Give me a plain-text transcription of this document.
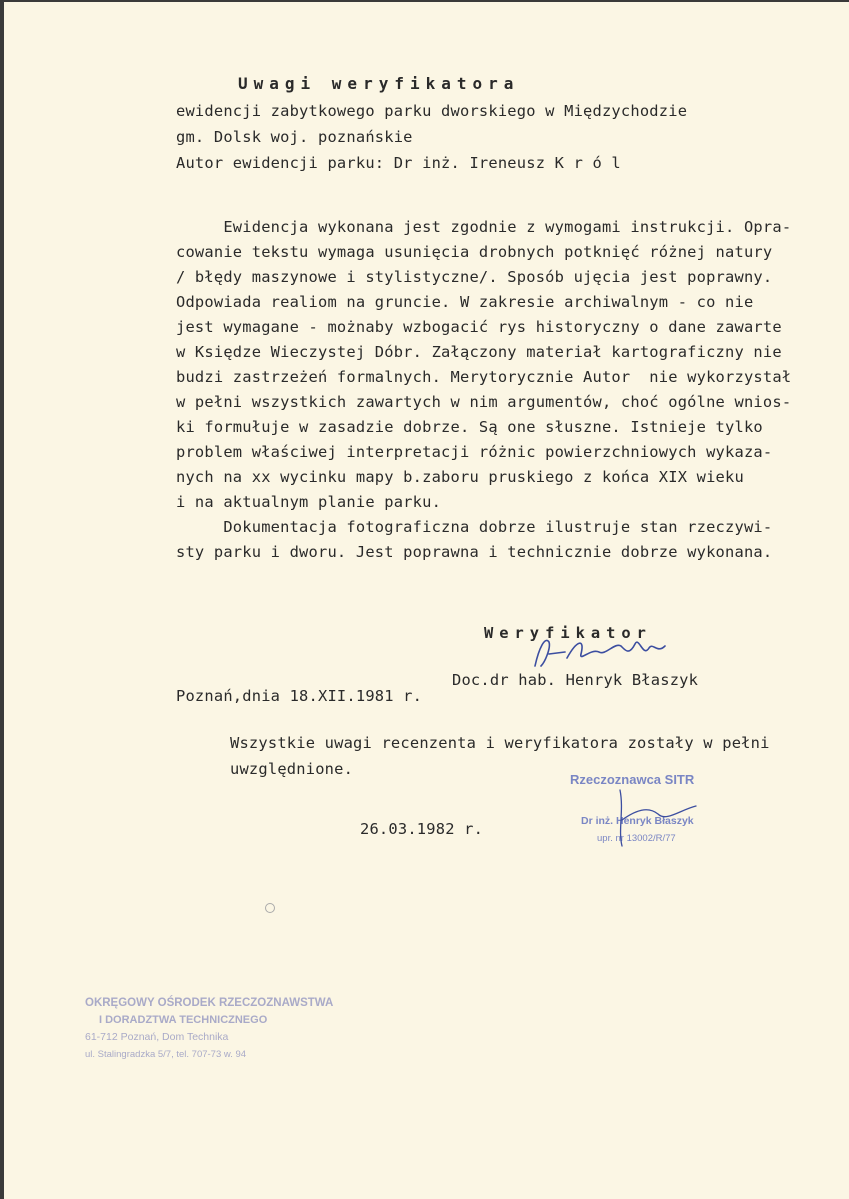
Uwagi weryfikatora
ewidencji zabytkowego parku dworskiego w Międzychodzie
gm. Dolsk woj. poznańskie
Autor ewidencji parku: Dr inż. Ireneusz K r ó l
Ewidencja wykonana jest zgodnie z wymogami instrukcji. Opra-
cowanie tekstu wymaga usunięcia drobnych potknięć różnej natury
/ błędy maszynowe i stylistyczne/. Sposób ujęcia jest poprawny.
Odpowiada realiom na gruncie. W zakresie archiwalnym - co nie
jest wymagane - możnaby wzbogacić rys historyczny o dane zawarte
w Księdze Wieczystej Dóbr. Załączony materiał kartograficzny nie
budzi zastrzeżeń formalnych. Merytorycznie Autor  nie wykorzystał
w pełni wszystkich zawartych w nim argumentów, choć ogólne wnios-
ki formułuje w zasadzie dobrze. Są one słuszne. Istnieje tylko
problem właściwej interpretacji różnic powierzchniowych wykaza-
nych na xx wycinku mapy b.zaboru pruskiego z końca XIX wieku
i na aktualnym planie parku.
Dokumentacja fotograficzna dobrze ilustruje stan rzeczywi-
sty parku i dworu. Jest poprawna i technicznie dobrze wykonana.
Weryfikator
Doc.dr hab. Henryk Błaszyk
Poznań,dnia 18.XII.1981 r.
Wszystkie uwagi recenzenta i weryfikatora zostały w pełni
uwzględnione.
Rzeczoznawca SITR
Dr inż. Henryk Błaszyk
upr. nr 13002/R/77
26.03.1982 r.
OKRĘGOWY OŚRODEK RZECZOZNAWSTWA
I DORADZTWA TECHNICZNEGO
61-712 Poznań, Dom Technika
ul. Stalingradzka 5/7, tel. 707-73 w. 94
